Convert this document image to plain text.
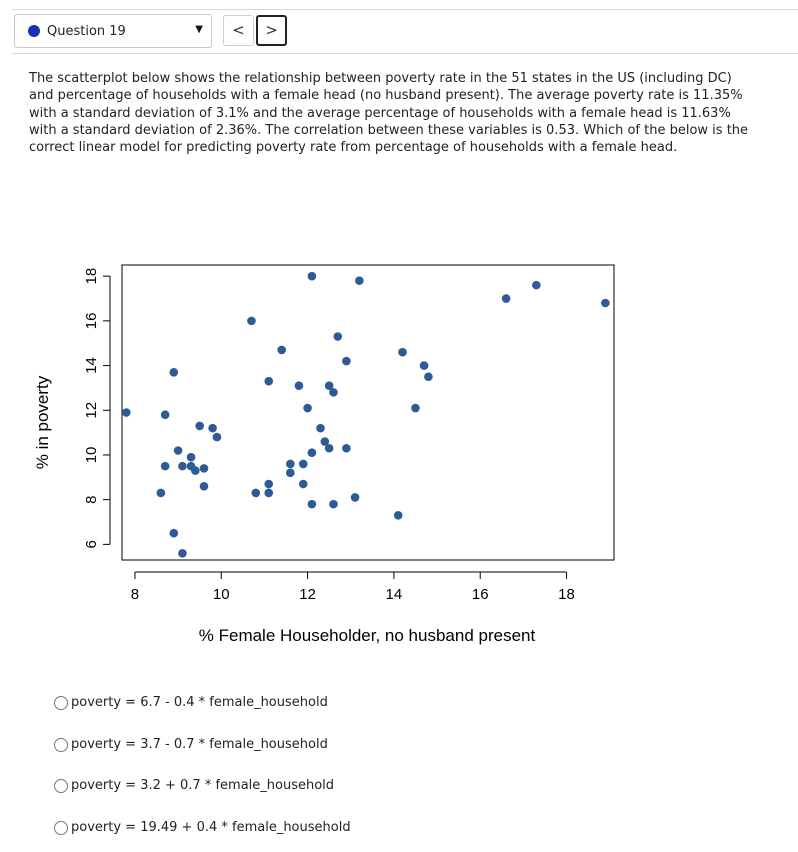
Question 19	▼	<	>

The scatterplot below shows the relationship between poverty rate in the 51 states in the US (including DC) and percentage of households with a female head (no husband present). The average poverty rate is 11.35% with a standard deviation of 3.1% and the average percentage of households with a female head is 11.63% with a standard deviation of 2.36%. The correlation between these variables is 0.53. Which of the below is the correct linear model for predicting poverty rate from percentage of households with a female head.

8	10	12	14	16	18
6
8
10
12
14
16
18
% Female Householder, no husband present
% in poverty
poverty = 6.7 - 0.4 * female_household
poverty = 3.7 - 0.7 * female_household
poverty = 3.2 + 0.7 * female_household
poverty = 19.49 + 0.4 * female_household
